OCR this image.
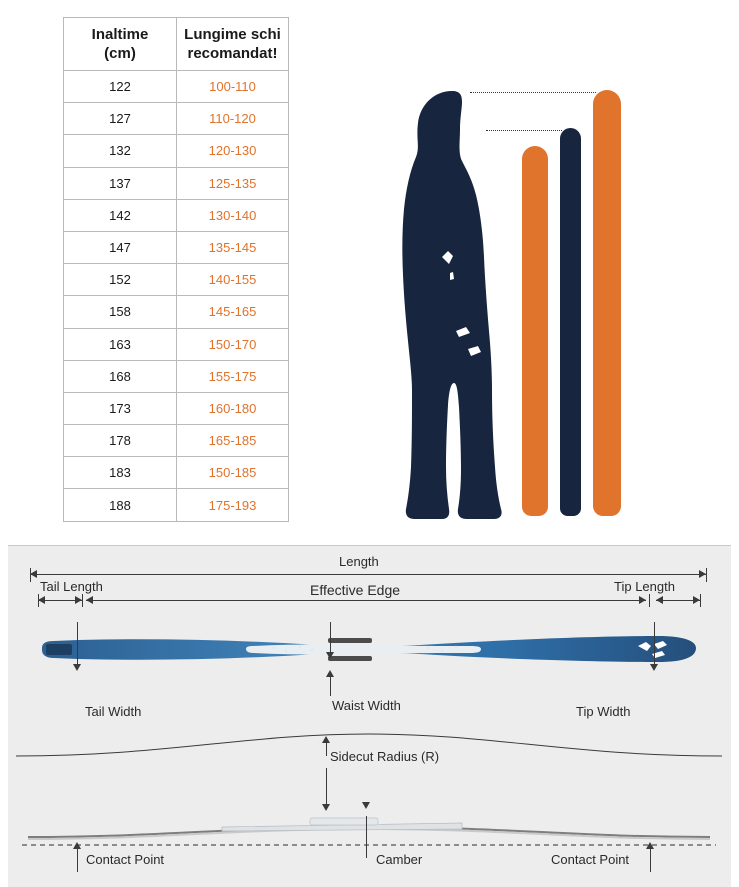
Inaltime
(cm)	Lungime schi
recomandat!
122	100-110
127	110-120
132	120-130
137	125-135
142	130-140
147	135-145
152	140-155
158	145-165
163	150-170
168	155-175
173	160-180
178	165-185
183	150-185
188	175-193
Length
Tail Length	Effective Edge	Tip Length
Tail Width	Waist Width	Tip Width
Sidecut Radius (R)
Contact Point	Camber	Contact Point
